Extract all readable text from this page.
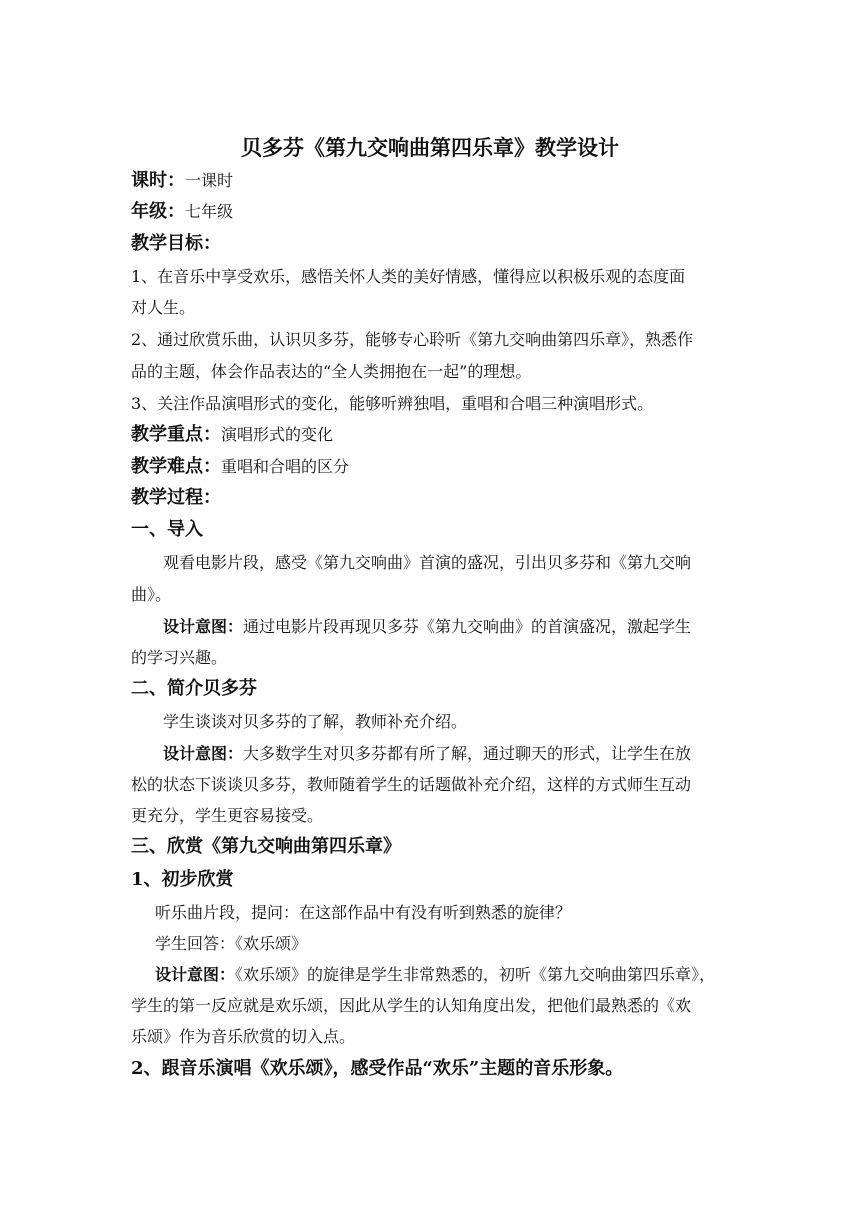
贝多芬《第九交响曲第四乐章》教学设计
课时：一课时
年级：七年级
教学目标：
1、在音乐中享受欢乐，感悟关怀人类的美好情感，懂得应以积极乐观的态度面
对人生。
2、通过欣赏乐曲，认识贝多芬，能够专心聆听《第九交响曲第四乐章》，熟悉作
品的主题，体会作品表达的“全人类拥抱在一起”的理想。
3、关注作品演唱形式的变化，能够听辨独唱，重唱和合唱三种演唱形式。
教学重点：演唱形式的变化
教学难点：重唱和合唱的区分
教学过程：
一、导入
观看电影片段，感受《第九交响曲》首演的盛况，引出贝多芬和《第九交响
曲》。
设计意图：通过电影片段再现贝多芬《第九交响曲》的首演盛况，激起学生
的学习兴趣。
二、简介贝多芬
学生谈谈对贝多芬的了解，教师补充介绍。
设计意图：大多数学生对贝多芬都有所了解，通过聊天的形式，让学生在放
松的状态下谈谈贝多芬，教师随着学生的话题做补充介绍，这样的方式师生互动
更充分，学生更容易接受。
三、欣赏《第九交响曲第四乐章》
1、初步欣赏
听乐曲片段，提问：在这部作品中有没有听到熟悉的旋律？
学生回答：《欢乐颂》
设计意图：《欢乐颂》的旋律是学生非常熟悉的，初听《第九交响曲第四乐章》，
学生的第一反应就是欢乐颂，因此从学生的认知角度出发，把他们最熟悉的《欢
乐颂》作为音乐欣赏的切入点。
2、跟音乐演唱《欢乐颂》，感受作品“欢乐”主题的音乐形象。
